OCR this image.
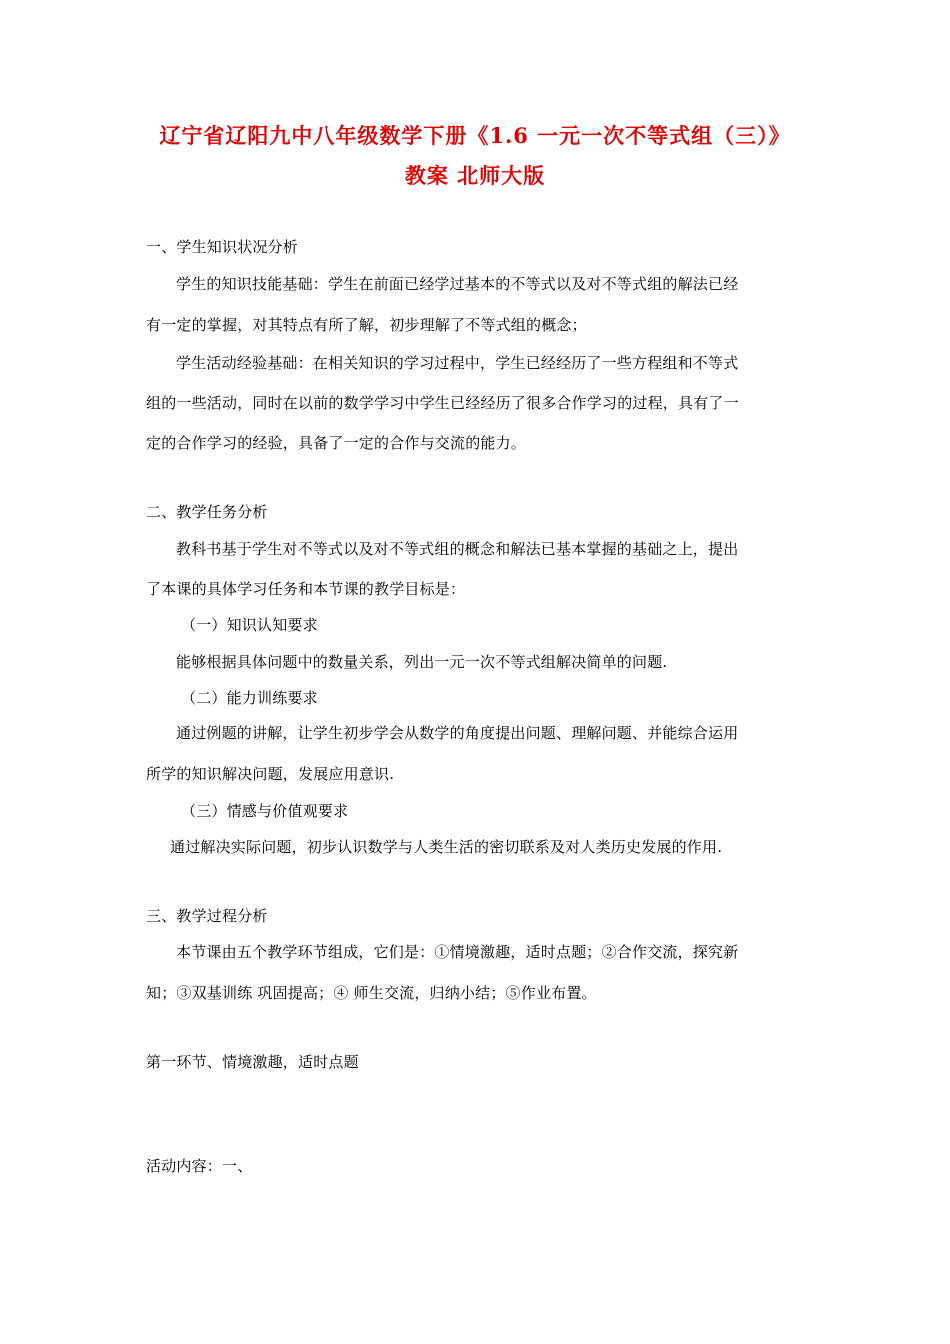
辽宁省辽阳九中八年级数学下册《1.6 一元一次不等式组（三）》
教案 北师大版
一、学生知识状况分析
学生的知识技能基础：学生在前面已经学过基本的不等式以及对不等式组的解法已经
有一定的掌握，对其特点有所了解，初步理解了不等式组的概念；
学生活动经验基础：在相关知识的学习过程中，学生已经经历了一些方程组和不等式
组的一些活动，同时在以前的数学学习中学生已经经历了很多合作学习的过程，具有了一
定的合作学习的经验，具备了一定的合作与交流的能力。
二、教学任务分析
教科书基于学生对不等式以及对不等式组的概念和解法已基本掌握的基础之上，提出
了本课的具体学习任务和本节课的教学目标是：
（一）知识认知要求
能够根据具体问题中的数量关系，列出一元一次不等式组解决简单的问题.
（二）能力训练要求
通过例题的讲解，让学生初步学会从数学的角度提出问题、理解问题、并能综合运用
所学的知识解决问题，发展应用意识.
（三）情感与价值观要求
通过解决实际问题，初步认识数学与人类生活的密切联系及对人类历史发展的作用.
三、教学过程分析
本节课由五个教学环节组成，它们是：①情境激趣，适时点题；②合作交流，探究新
知；③双基训练 巩固提高；④ 师生交流，归纳小结；⑤作业布置。
第一环节、情境激趣，适时点题
活动内容：一、
